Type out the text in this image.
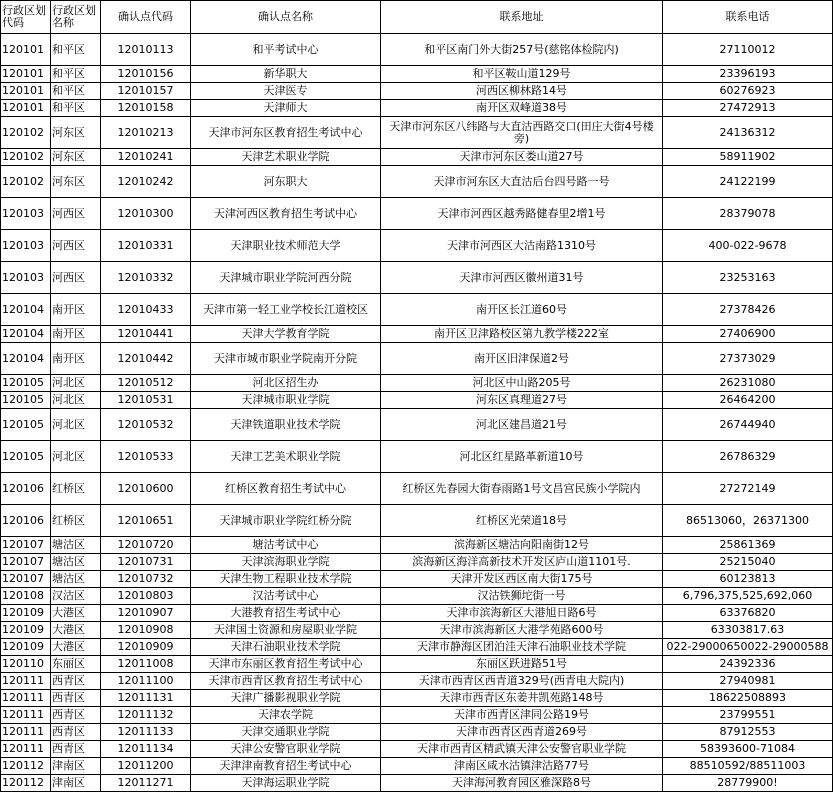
行政区划代码	行政区划名称	确认点代码	确认点名称	联系地址	联系电话
120101	和平区	12010113	和平考试中心	和平区南门外大街257号(慈铭体检院内)	27110012
120101	和平区	12010156	新华职大	和平区鞍山道129号	23396193
120101	和平区	12010157	天津医专	河西区柳林路14号	60276923
120101	和平区	12010158	天津师大	南开区双峰道38号	27472913
120102	河东区	12010213	天津市河东区教育招生考试中心	天津市河东区八纬路与大直沽西路交口(田庄大街4号楼旁)	24136312
120102	河东区	12010241	天津艺术职业学院	天津市河东区娄山道27号	58911902
120102	河东区	12010242	河东职大	天津市河东区大直沽后台四号路一号	24122199
120103	河西区	12010300	天津河西区教育招生考试中心	天津市河西区越秀路健春里2增1号	28379078
120103	河西区	12010331	天津职业技术师范大学	天津市河西区大沽南路1310号	400-022-9678
120103	河西区	12010332	天津城市职业学院河西分院	天津市河西区徽州道31号	23253163
120104	南开区	12010433	天津市第一轻工业学校长江道校区	南开区长江道60号	27378426
120104	南开区	12010441	天津大学教育学院	南开区卫津路校区第九教学楼222室	27406900
120104	南开区	12010442	天津市城市职业学院南开分院	南开区旧津保道2号	27373029
120105	河北区	12010512	河北区招生办	河北区中山路205号	26231080
120105	河北区	12010531	天津城市职业学院	河东区真理道27号	26464200
120105	河北区	12010532	天津铁道职业技术学院	河北区建昌道21号	26744940
120105	河北区	12010533	天津工艺美术职业学院	河北区红星路革新道10号	26786329
120106	红桥区	12010600	红桥区教育招生考试中心	红桥区先春园大街春雨路1号文昌宫民族小学院内	27272149
120106	红桥区	12010651	天津城市职业学院红桥分院	红桥区光荣道18号	86513060，26371300
120107	塘沽区	12010720	塘沽考试中心	滨海新区塘沽向阳南街12号	25861369
120107	塘沽区	12010731	天津滨海职业学院	滨海新区海洋高新技术开发区庐山道1101号.	25215040
120107	塘沽区	12010732	天津生物工程职业技术学院	天津开发区西区南大街175号	60123813
120108	汉沽区	12010803	汉沽考试中心	汉沽铁狮坨街一号	6,796,375,525,692,060
120109	大港区	12010907	大港教育招生考试中心	天津市滨海新区大港旭日路6号	63376820
120109	大港区	12010908	天津国土资源和房屋职业学院	天津市滨海新区大港学苑路600号	63303817.63
120109	大港区	12010909	天津石油职业技术学院	天津市静海区团泊洼天津石油职业技术学院	022-29000650022-29000588
120110	东丽区	12011008	天津市东丽区教育招生考试中心	东丽区跃进路51号	24392336
120111	西青区	12011100	天津市西青区教育招生考试中心	天津市西青区西青道329号(西青电大院内)	27940981
120111	西青区	12011131	天津广播影视职业学院	天津市西青区东姜井凯苑路148号	18622508893
120111	西青区	12011132	天津农学院	天津市西青区津同公路19号	23799551
120111	西青区	12011133	天津交通职业学院	天津市西青区西青道269号	87912553
120111	西青区	12011134	天津公安警官职业学院	天津市西青区精武镇天津公安警官职业学院	58393600-71084
120112	津南区	12011200	天津津南教育招生考试中心	津南区咸水沽镇津沽路77号	88510592/88511003
120112	津南区	12011271	天津海运职业学院	天津海河教育园区雅深路8号	28779900!
